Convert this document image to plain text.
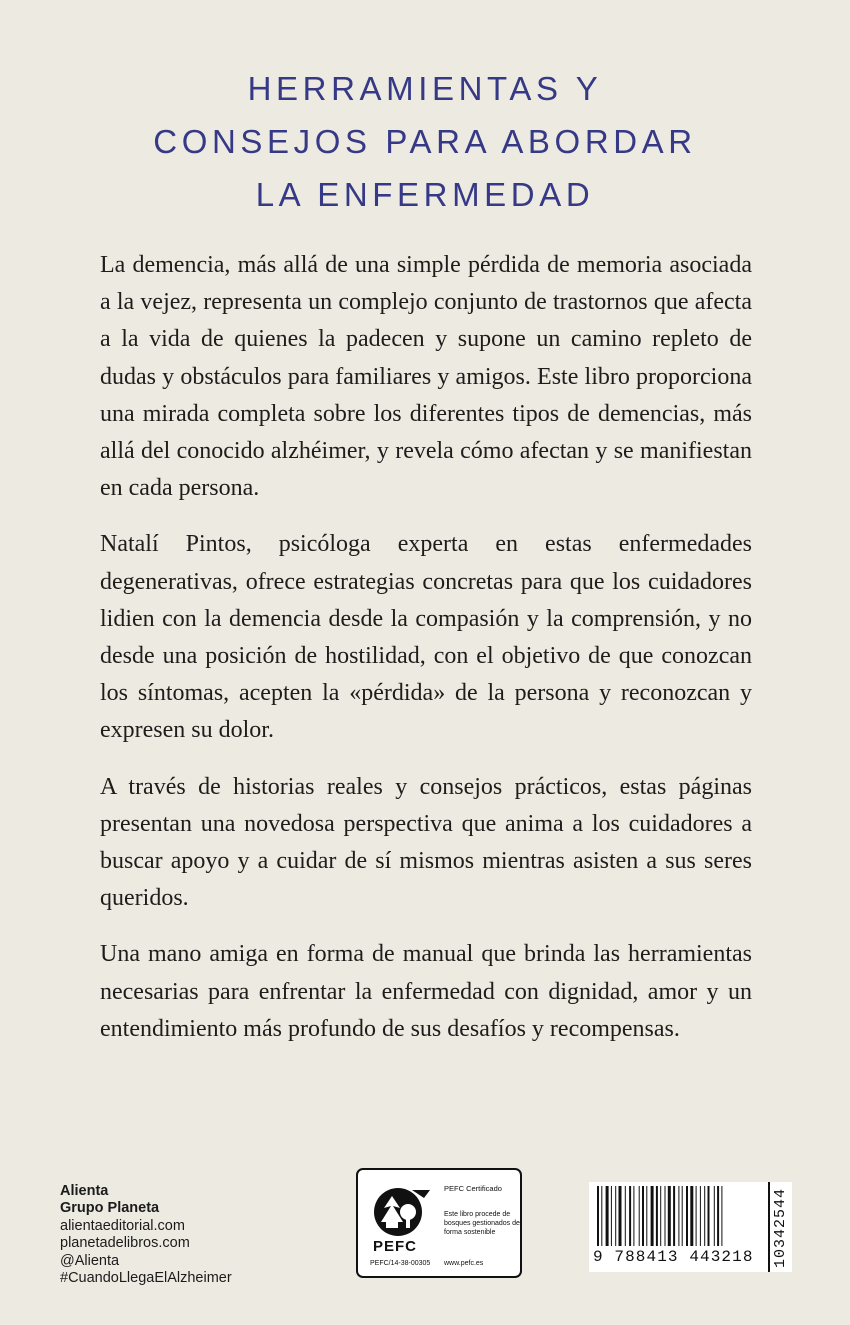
HERRAMIENTAS Y
CONSEJOS PARA ABORDAR
LA ENFERMEDAD

La demencia, más allá de una simple pérdida de memoria asociada a la vejez, representa un complejo conjunto de trastornos que afecta a la vida de quienes la padecen y supone un camino repleto de dudas y obstáculos para familiares y amigos. Este libro proporciona una mirada completa sobre los diferentes tipos de demencias, más allá del conocido alzhéimer, y revela cómo afectan y se manifiestan en cada persona.

Natalí Pintos, psicóloga experta en estas enfermedades degenerativas, ofrece estrategias concretas para que los cuidadores lidien con la demencia desde la compasión y la comprensión, y no desde una posición de hostilidad, con el objetivo de que conozcan los síntomas, acepten la «pérdida» de la persona y reconozcan y expresen su dolor.

A través de historias reales y consejos prácticos, estas páginas presentan una novedosa perspectiva que anima a los cuidadores a buscar apoyo y a cuidar de sí mismos mientras asisten a sus seres queridos.

Una mano amiga en forma de manual que brinda las herramientas necesarias para enfrentar la enfermedad con dignidad, amor y un entendimiento más profundo de sus desafíos y recompensas.

Alienta
Grupo Planeta
alientaeditorial.com
planetadelibros.com
@Alienta
#CuandoLlegaElAlzheimer
PEFC
PEFC/14-38-00305
PEFC Certificado
Este libro procede de bosques gestionados de forma sostenible
www.pefc.es	9 788413 443218	10342544
